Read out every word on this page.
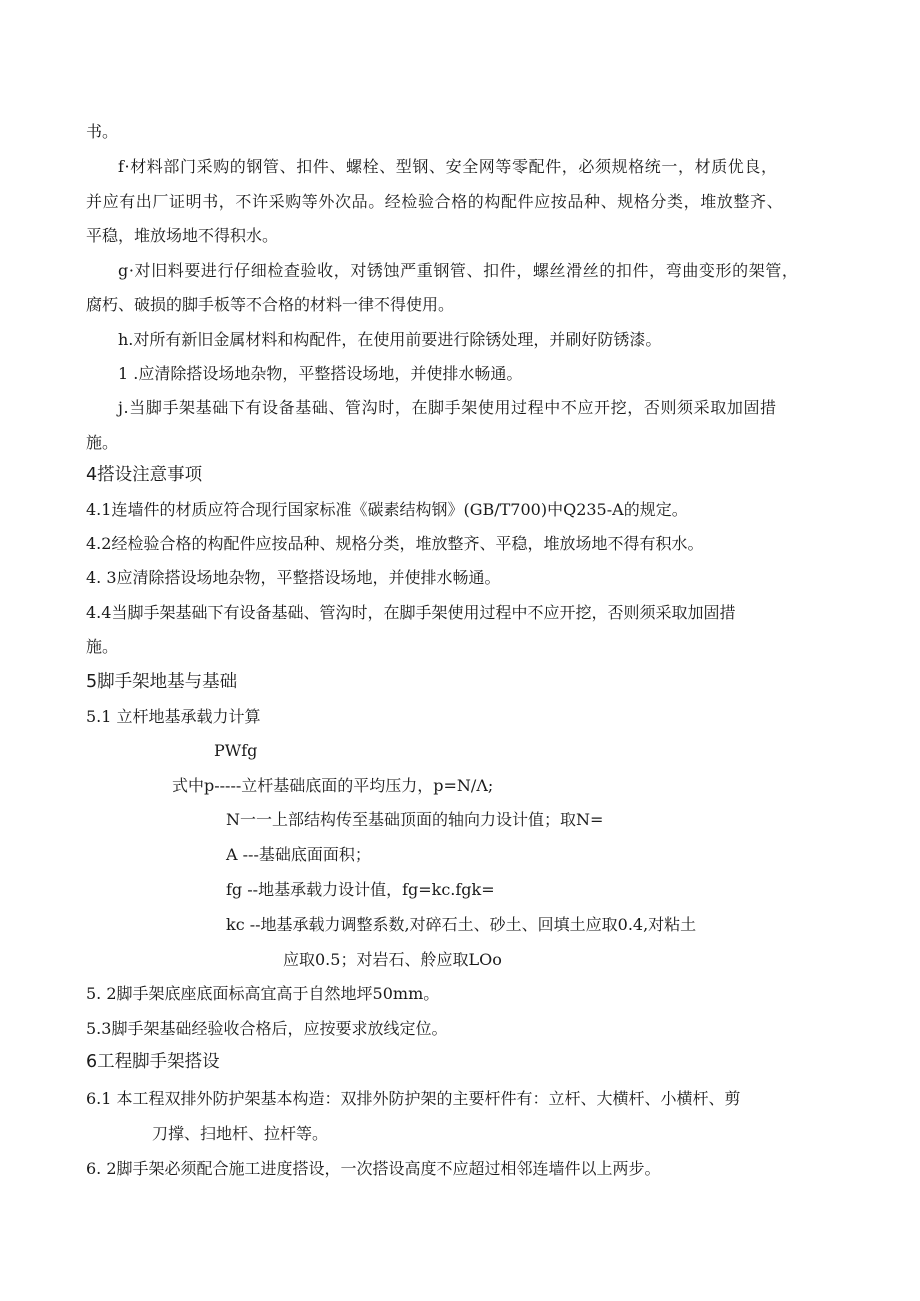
书。
f·材料部门采购的钢管、扣件、螺栓、型钢、安全网等零配件，必须规格统一，材质优良，
并应有出厂证明书，不许采购等外次品。经检验合格的构配件应按品种、规格分类，堆放整齐、
平稳，堆放场地不得积水。
g·对旧料要进行仔细检查验收，对锈蚀严重钢管、扣件，螺丝滑丝的扣件，弯曲变形的架管，
腐朽、破损的脚手板等不合格的材料一律不得使用。
h.对所有新旧金属材料和构配件，在使用前要进行除锈处理，并刷好防锈漆。
1 .应清除搭设场地杂物，平整搭设场地，并使排水畅通。
j.当脚手架基础下有设备基础、管沟时，在脚手架使用过程中不应开挖，否则须采取加固措
施。
4搭设注意事项
4.1连墙件的材质应符合现行国家标准《碳素结构钢》(GB/T700)中Q235-A的规定。
4.2经检验合格的构配件应按品种、规格分类，堆放整齐、平稳，堆放场地不得有积水。
4. 3应清除搭设场地杂物，平整搭设场地，并使排水畅通。
4.4当脚手架基础下有设备基础、管沟时，在脚手架使用过程中不应开挖，否则须采取加固措
施。
5脚手架地基与基础
5.1 立杆地基承载力计算
PWfg
式中p-----立杆基础底面的平均压力，p=N/Λ;
N一一上部结构传至基础顶面的轴向力设计值；取N=
A ---基础底面面积；
fg --地基承载力设计值，fg=kc.fgk=
kc --地基承载力调整系数,对碎石土、砂土、回填土应取0.4,对粘土
应取0.5；对岩石、舲应取LOo
5. 2脚手架底座底面标高宜高于自然地坪50mm。
5.3脚手架基础经验收合格后，应按要求放线定位。
6工程脚手架搭设
6.1 本工程双排外防护架基本构造：双排外防护架的主要杆件有：立杆、大横杆、小横杆、剪
刀撑、扫地杆、拉杆等。
6. 2脚手架必须配合施工进度搭设，一次搭设高度不应超过相邻连墙件以上两步。
